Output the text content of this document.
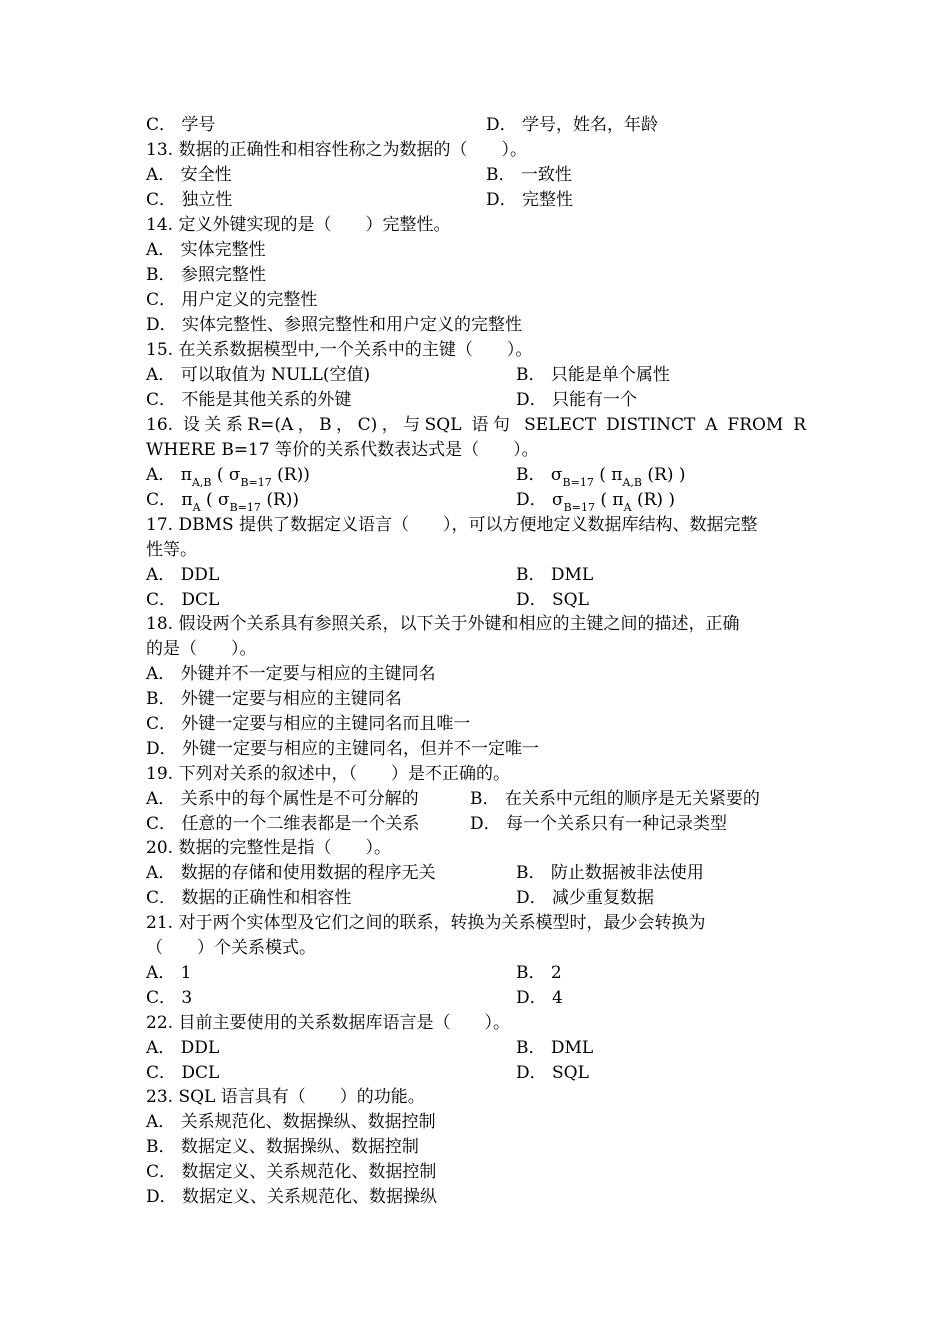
C． 学号	D． 学号，姓名，年龄
13. 数据的正确性和相容性称之为数据的（　　）。
A． 安全性	B． 一致性
C． 独立性	D． 完整性
14. 定义外键实现的是（　　）完整性。
A． 实体完整性
B． 参照完整性
C． 用户定义的完整性
D． 实体完整性、参照完整性和用户定义的完整性
15. 在关系数据模型中,一个关系中的主键（　　）。
A． 可以取值为 NULL(空值)	B． 只能是单个属性
C． 不能是其他关系的外键	D． 只能有一个
16. 设关系R=(A，B，C)，与SQL 语句 SELECT DISTINCT A FROM R
WHERE B=17 等价的关系代数表达式是（　　）。
A． $\pi_{A,B}$ ( $\sigma_{B=17}$ (R))	B． $\sigma_{B=17}$ ( $\pi_{A,B}$ (R) )
C． $\pi_A$ ( $\sigma_{B=17}$ (R))	D． $\sigma_{B=17}$ ( $\pi_A$ (R) )
17. DBMS 提供了数据定义语言（　　），可以方便地定义数据库结构、数据完整
性等。
A． DDL	B． DML
C． DCL	D． SQL
18. 假设两个关系具有参照关系，以下关于外键和相应的主键之间的描述，正确
的是（　　）。
A． 外键并不一定要与相应的主键同名
B． 外键一定要与相应的主键同名
C． 外键一定要与相应的主键同名而且唯一
D． 外键一定要与相应的主键同名，但并不一定唯一
19. 下列对关系的叙述中，（　　）是不正确的。
A． 关系中的每个属性是不可分解的	B． 在关系中元组的顺序是无关紧要的
C． 任意的一个二维表都是一个关系	D． 每一个关系只有一种记录类型
20. 数据的完整性是指（　　）。
A． 数据的存储和使用数据的程序无关	B． 防止数据被非法使用
C． 数据的正确性和相容性	D． 减少重复数据
21. 对于两个实体型及它们之间的联系，转换为关系模型时，最少会转换为
（　　）个关系模式。
A． 1	B． 2
C． 3	D． 4
22. 目前主要使用的关系数据库语言是（　　）。
A． DDL	B． DML
C． DCL	D． SQL
23. SQL 语言具有（　　）的功能。
A． 关系规范化、数据操纵、数据控制
B． 数据定义、数据操纵、数据控制
C． 数据定义、关系规范化、数据控制
D． 数据定义、关系规范化、数据操纵
